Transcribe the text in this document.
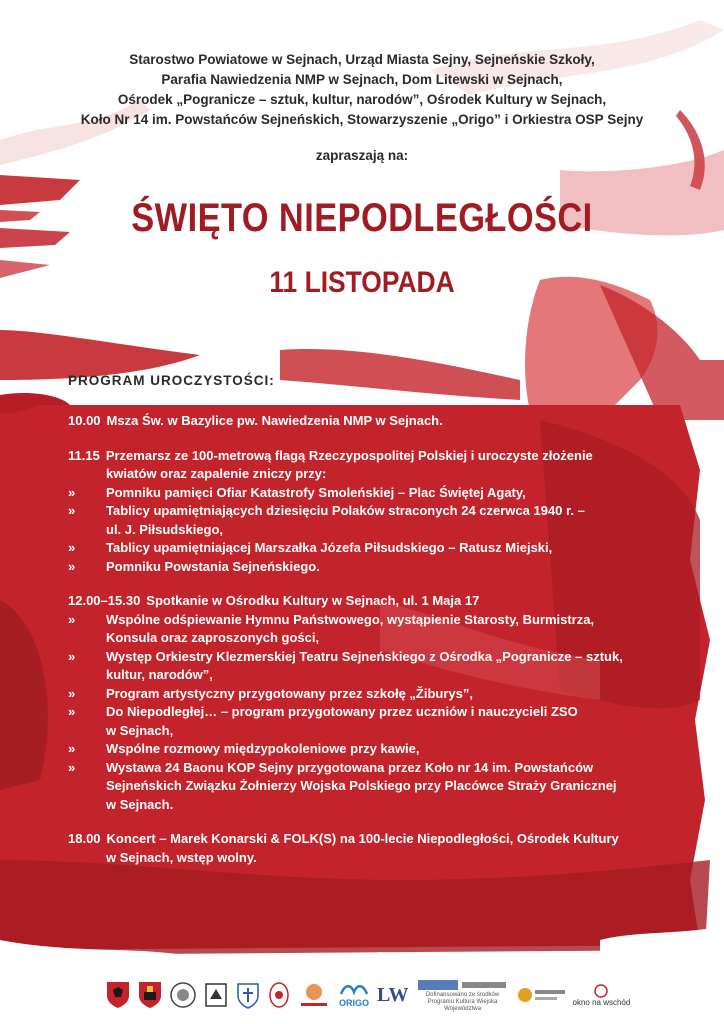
Starostwo Powiatowe w Sejnach, Urząd Miasta Sejny, Sejneńskie Szkoły,
Parafia Nawiedzenia NMP w Sejnach, Dom Litewski w Sejnach,
Ośrodek „Pogranicze – sztuk, kultur, narodów”, Ośrodek Kultury w Sejnach,
Koło Nr 14 im. Powstańców Sejneńskich, Stowarzyszenie „Origo” i Orkiestra OSP Sejny
zapraszają na:
ŚWIĘTO NIEPODLEGŁOŚCI
11 LISTOPADA
PROGRAM UROCZYSTOŚCI:
10.00 Msza Św. w Bazylice pw. Nawiedzenia NMP w Sejnach.
11.15 Przemarsz ze 100-metrową flagą Rzeczypospolitej Polskiej i uroczyste złożenie
kwiatów oraz zapalenie zniczy przy:
»	Pomniku pamięci Ofiar Katastrofy Smoleńskiej – Plac Świętej Agaty,
»	Tablicy upamiętniających dziesięciu Polaków straconych 24 czerwca 1940 r. –
ul. J. Piłsudskiego,
»	Tablicy upamiętniającej Marszałka Józefa Piłsudskiego – Ratusz Miejski,
»	Pomniku Powstania Sejneńskiego.
12.00–15.30 Spotkanie w Ośrodku Kultury w Sejnach, ul. 1 Maja 17
»	Wspólne odśpiewanie Hymnu Państwowego, wystąpienie Starosty, Burmistrza,
Konsula oraz zaproszonych gości,
»	Występ Orkiestry Klezmerskiej Teatru Sejneńskiego z Ośrodka „Pogranicze – sztuk,
kultur, narodów”,
»	Program artystyczny przygotowany przez szkołę „Žiburys”,
»	Do Niepodległej… – program przygotowany przez uczniów i nauczycieli ZSO
w Sejnach,
»	Wspólne rozmowy międzypokoleniowe przy kawie,
»	Wystawa 24 Baonu KOP Sejny przygotowana przez Koło nr 14 im. Powstańców
Sejneńskich Związku Żołnierzy Wojska Polskiego przy Placówce Straży Granicznej
w Sejnach.
18.00 Koncert – Marek Konarski & FOLK(S) na 100-lecie Niepodległości, Ośrodek Kultury
w Sejnach, wstęp wolny.
ORIGO LW	Dofinansowano ze środków Programu Kultura Wiejska Województwa
okno na wschód
